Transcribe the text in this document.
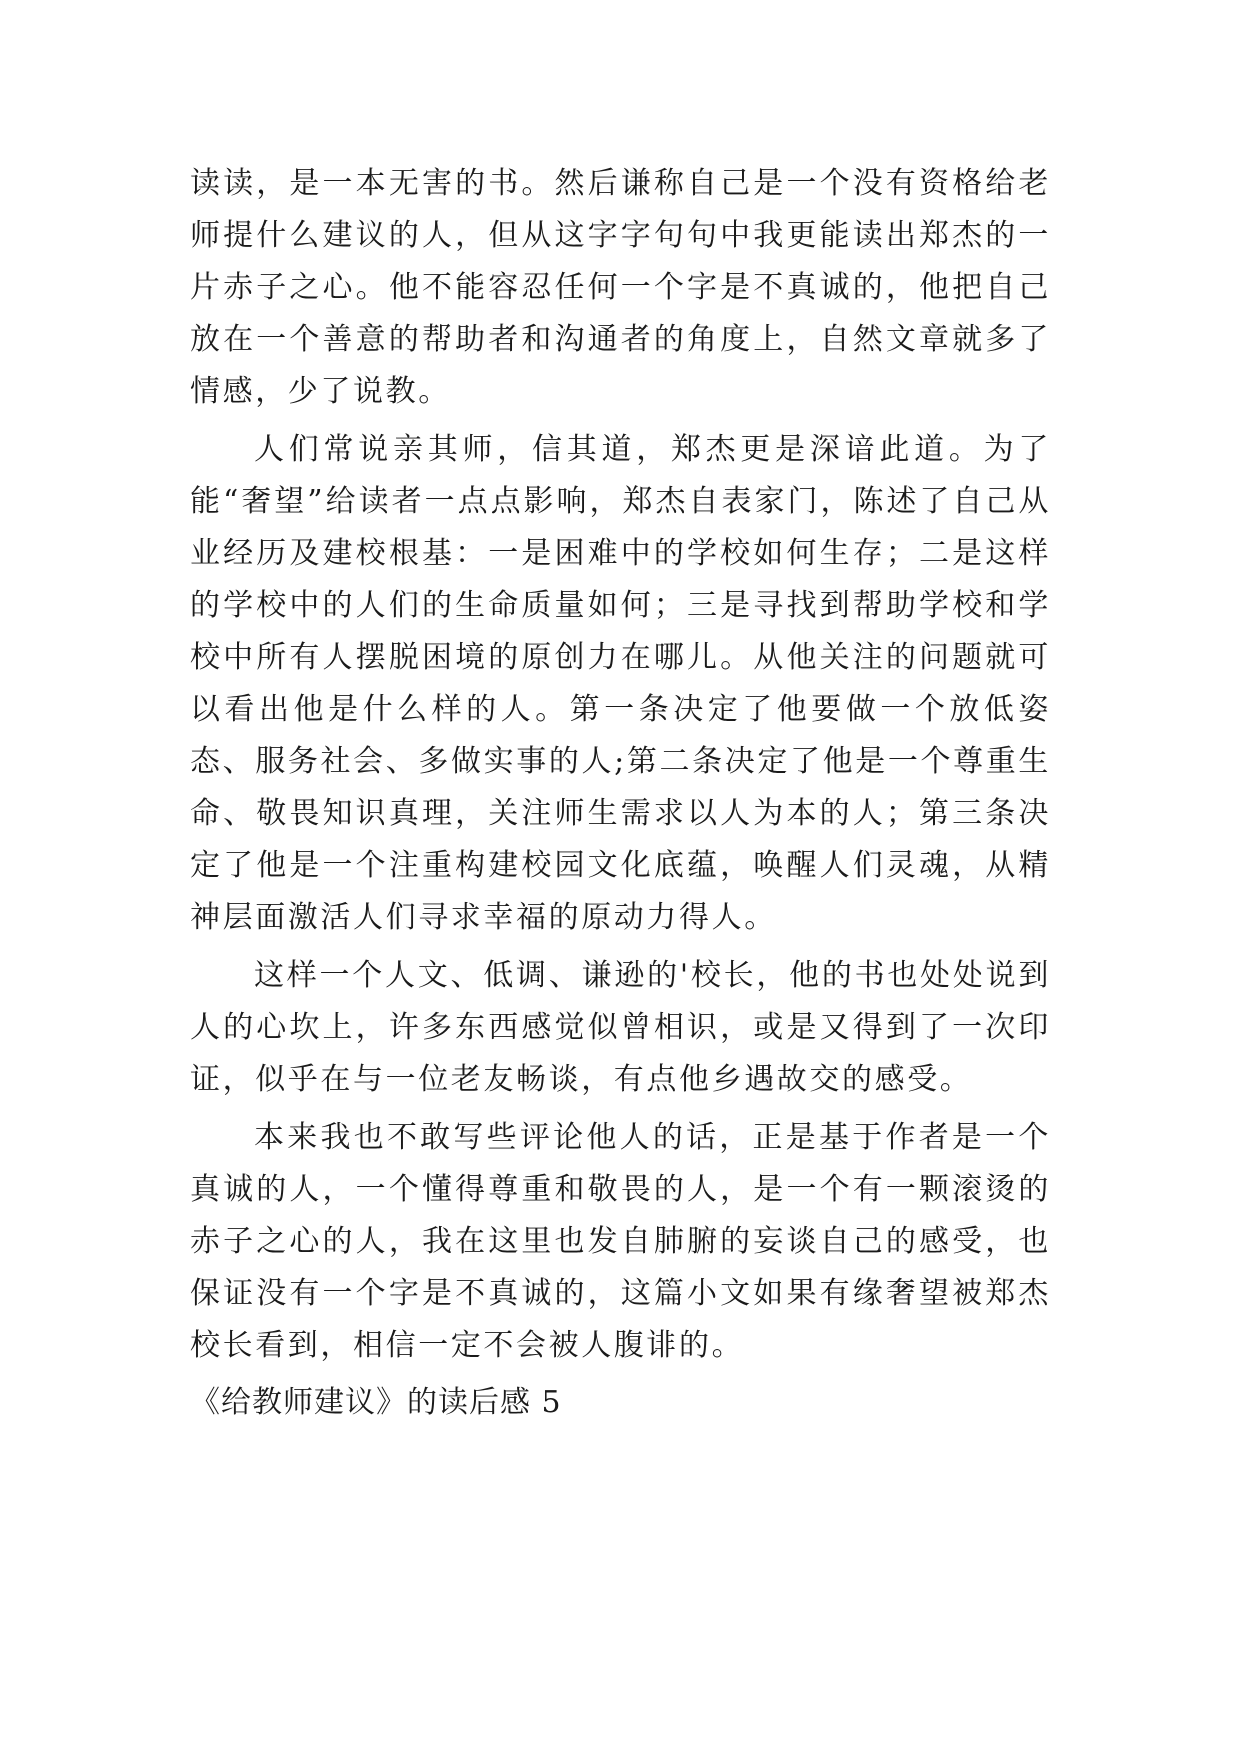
读读，是一本无害的书。然后谦称自己是一个没有资格给老师提什么建议的人，但从这字字句句中我更能读出郑杰的一片赤子之心。他不能容忍任何一个字是不真诚的，他把自己放在一个善意的帮助者和沟通者的角度上，自然文章就多了情感，少了说教。

人们常说亲其师，信其道，郑杰更是深谙此道。为了能“奢望”给读者一点点影响，郑杰自表家门，陈述了自己从业经历及建校根基：一是困难中的学校如何生存；二是这样的学校中的人们的生命质量如何；三是寻找到帮助学校和学校中所有人摆脱困境的原创力在哪儿。从他关注的问题就可以看出他是什么样的人。第一条决定了他要做一个放低姿态、服务社会、多做实事的人;第二条决定了他是一个尊重生命、敬畏知识真理，关注师生需求以人为本的人；第三条决定了他是一个注重构建校园文化底蕴，唤醒人们灵魂，从精神层面激活人们寻求幸福的原动力得人。

这样一个人文、低调、谦逊的'校长，他的书也处处说到人的心坎上，许多东西感觉似曾相识，或是又得到了一次印证，似乎在与一位老友畅谈，有点他乡遇故交的感受。

本来我也不敢写些评论他人的话，正是基于作者是一个真诚的人，一个懂得尊重和敬畏的人，是一个有一颗滚烫的赤子之心的人，我在这里也发自肺腑的妄谈自己的感受，也保证没有一个字是不真诚的，这篇小文如果有缘奢望被郑杰校长看到，相信一定不会被人腹诽的。

《给教师建议》的读后感 5
